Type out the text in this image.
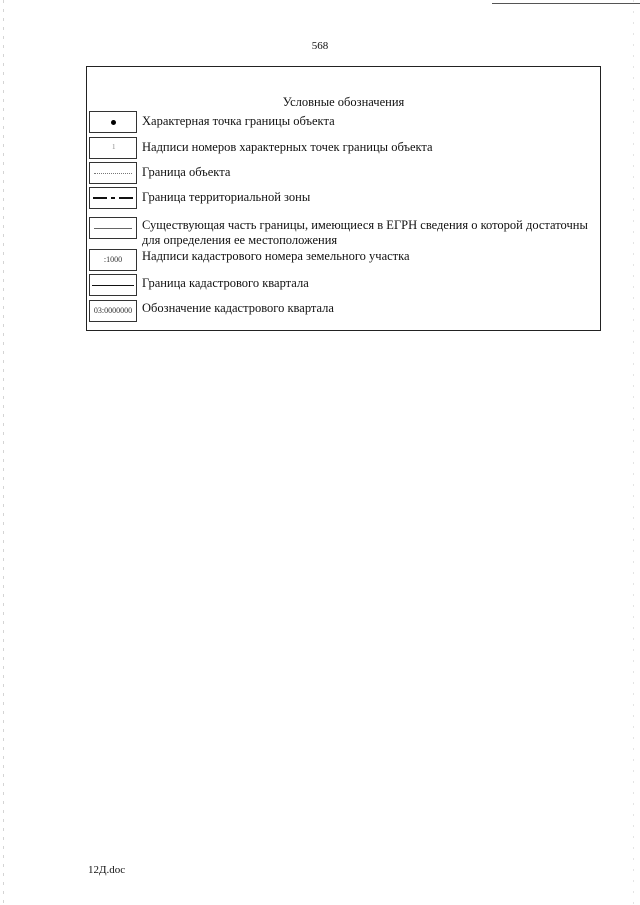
568
Условные обозначения
Характерная точка границы объекта
1 Надписи номеров характерных точек границы объекта
Граница объекта
Граница территориальной зоны
Существующая часть границы, имеющиеся в ЕГРН сведения о которой достаточны для определения ее местоположения
:1000	Надписи кадастрового номера земельного участка
Граница кадастрового квартала
03:0000000 Обозначение кадастрового квартала
12Д.doc
